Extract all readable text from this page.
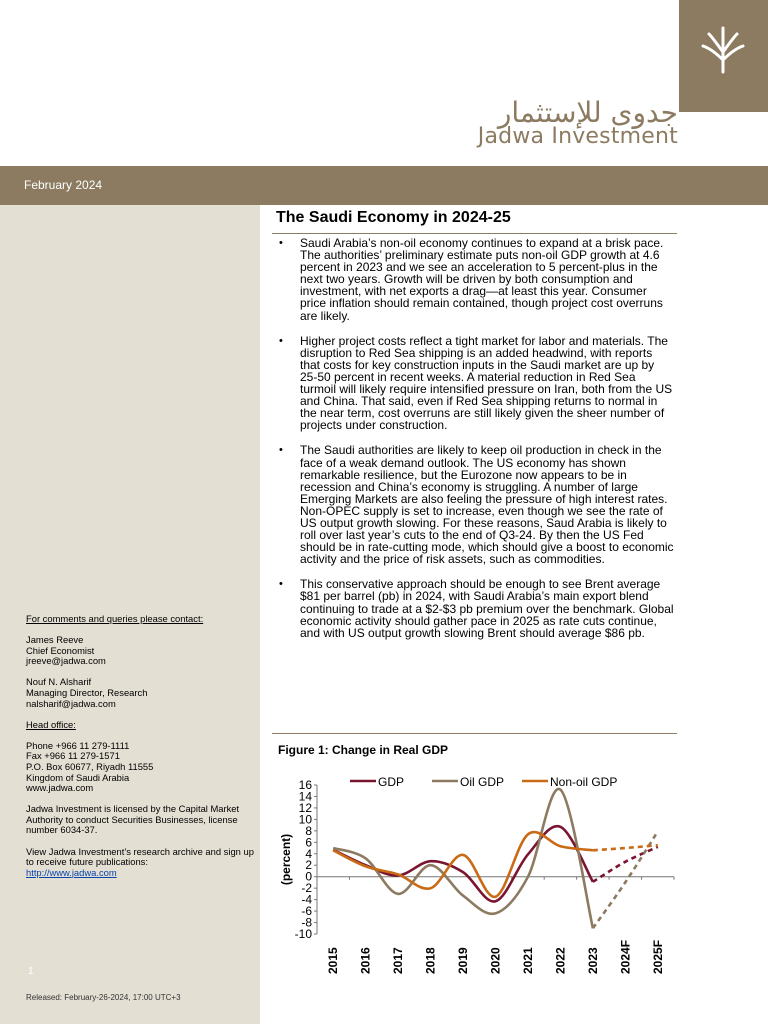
جدوى للإستثمار
Jadwa Investment
February 2024
For comments and queries please contact:
James Reeve
Chief Economist
jreeve@jadwa.com
Nouf N. Alsharif
Managing Director, Research
nalsharif@jadwa.com
Head office:
Phone +966 11 279-1111
Fax +966 11 279-1571
P.O. Box 60677, Riyadh 11555
Kingdom of Saudi Arabia
www.jadwa.com
Jadwa Investment is licensed by the Capital Market Authority to conduct Securities Businesses, license number 6034-37.
View Jadwa Investment’s research archive and sign up to receive future publications:
http://www.jadwa.com
1
Released: February-26-2024, 17:00 UTC+3
The Saudi Economy in 2024-25
• Saudi Arabia’s non-oil economy continues to expand at a brisk pace. The authorities’ preliminary estimate puts non-oil GDP growth at 4.6 percent in 2023 and we see an acceleration to 5 percent-plus in the next two years. Growth will be driven by both consumption and investment, with net exports a drag—at least this year. Consumer price inflation should remain contained, though project cost overruns are likely.
• Higher project costs reflect a tight market for labor and materials. The disruption to Red Sea shipping is an added headwind, with reports that costs for key construction inputs in the Saudi market are up by 25-50 percent in recent weeks. A material reduction in Red Sea turmoil will likely require intensified pressure on Iran, both from the US and China. That said, even if Red Sea shipping returns to normal in the near term, cost overruns are still likely given the sheer number of projects under construction.
• The Saudi authorities are likely to keep oil production in check in the face of a weak demand outlook. The US economy has shown remarkable resilience, but the Eurozone now appears to be in recession and China’s economy is struggling. A number of large Emerging Markets are also feeling the pressure of high interest rates. Non-OPEC supply is set to increase, even though we see the rate of US output growth slowing. For these reasons, Saud Arabia is likely to roll over last year’s cuts to the end of Q3-24. By then the US Fed should be in rate-cutting mode, which should give a boost to economic activity and the price of risk assets, such as commodities.
• This conservative approach should be enough to see Brent average $81 per barrel (pb) in 2024, with Saudi Arabia’s main export blend continuing to trade at a $2-$3 pb premium over the benchmark. Global economic activity should gather pace in 2025 as rate cuts continue, and with US output growth slowing Brent should average $86 pb.
Figure 1: Change in Real GDP
-10
-8
-6
-4
-2
0
2
4
6
8
10
12
14
16
(percent)
2015 2016 2017 2018 2019 2020 2021 2022 2023 2024F 2025F
GDP	Oil GDP	Non-oil GDP
